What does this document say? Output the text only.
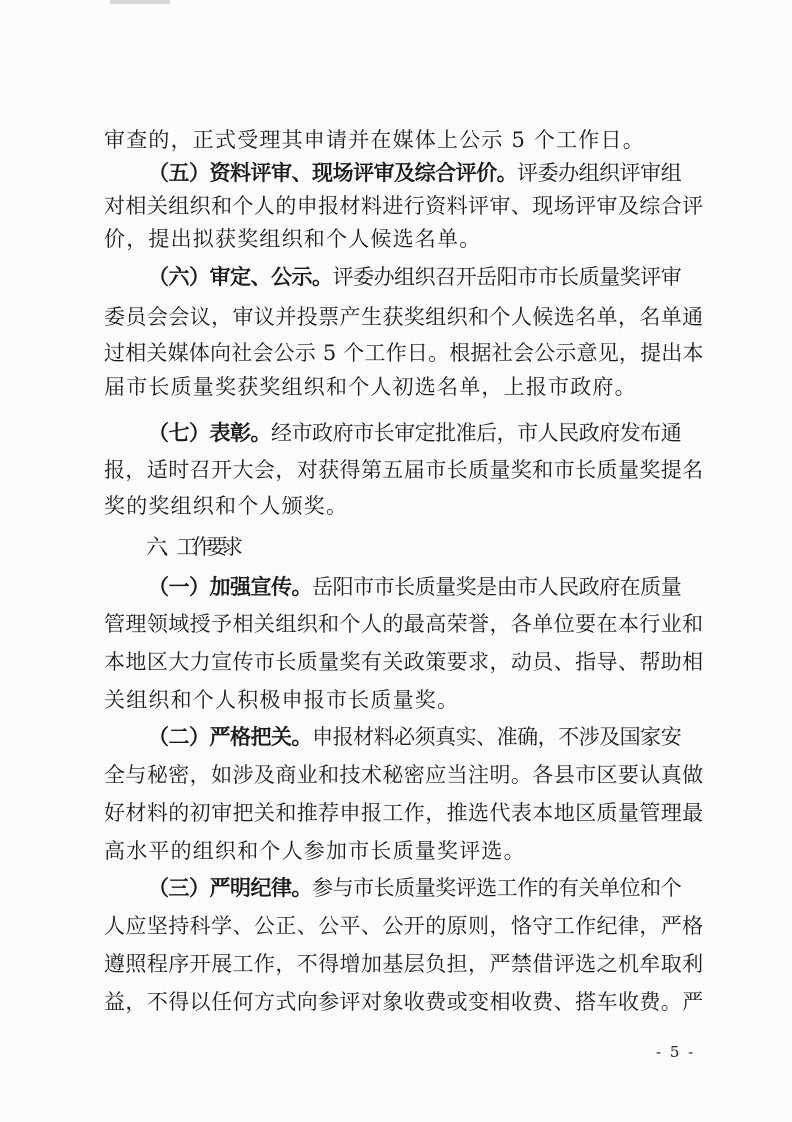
审查的，正式受理其申请并在媒体上公示 5 个工作日。
（五）资料评审、现场评审及综合评价。评委办组织评审组
对相关组织和个人的申报材料进行资料评审、现场评审及综合评
价，提出拟获奖组织和个人候选名单。
（六）审定、公示。评委办组织召开岳阳市市长质量奖评审
委员会会议，审议并投票产生获奖组织和个人候选名单，名单通
过相关媒体向社会公示 5 个工作日。根据社会公示意见，提出本
届市长质量奖获奖组织和个人初选名单，上报市政府。
（七）表彰。经市政府市长审定批准后，市人民政府发布通
报，适时召开大会，对获得第五届市长质量奖和市长质量奖提名
奖的奖组织和个人颁奖。
六、工作要求
（一）加强宣传。岳阳市市长质量奖是由市人民政府在质量
管理领域授予相关组织和个人的最高荣誉，各单位要在本行业和
本地区大力宣传市长质量奖有关政策要求，动员、指导、帮助相
关组织和个人积极申报市长质量奖。
（二）严格把关。申报材料必须真实、准确，不涉及国家安
全与秘密，如涉及商业和技术秘密应当注明。各县市区要认真做
好材料的初审把关和推荐申报工作，推选代表本地区质量管理最
高水平的组织和个人参加市长质量奖评选。
（三）严明纪律。参与市长质量奖评选工作的有关单位和个
人应坚持科学、公正、公平、公开的原则，恪守工作纪律，严格
遵照程序开展工作，不得增加基层负担，严禁借评选之机牟取利
益，不得以任何方式向参评对象收费或变相收费、搭车收费。严
- 5 -
